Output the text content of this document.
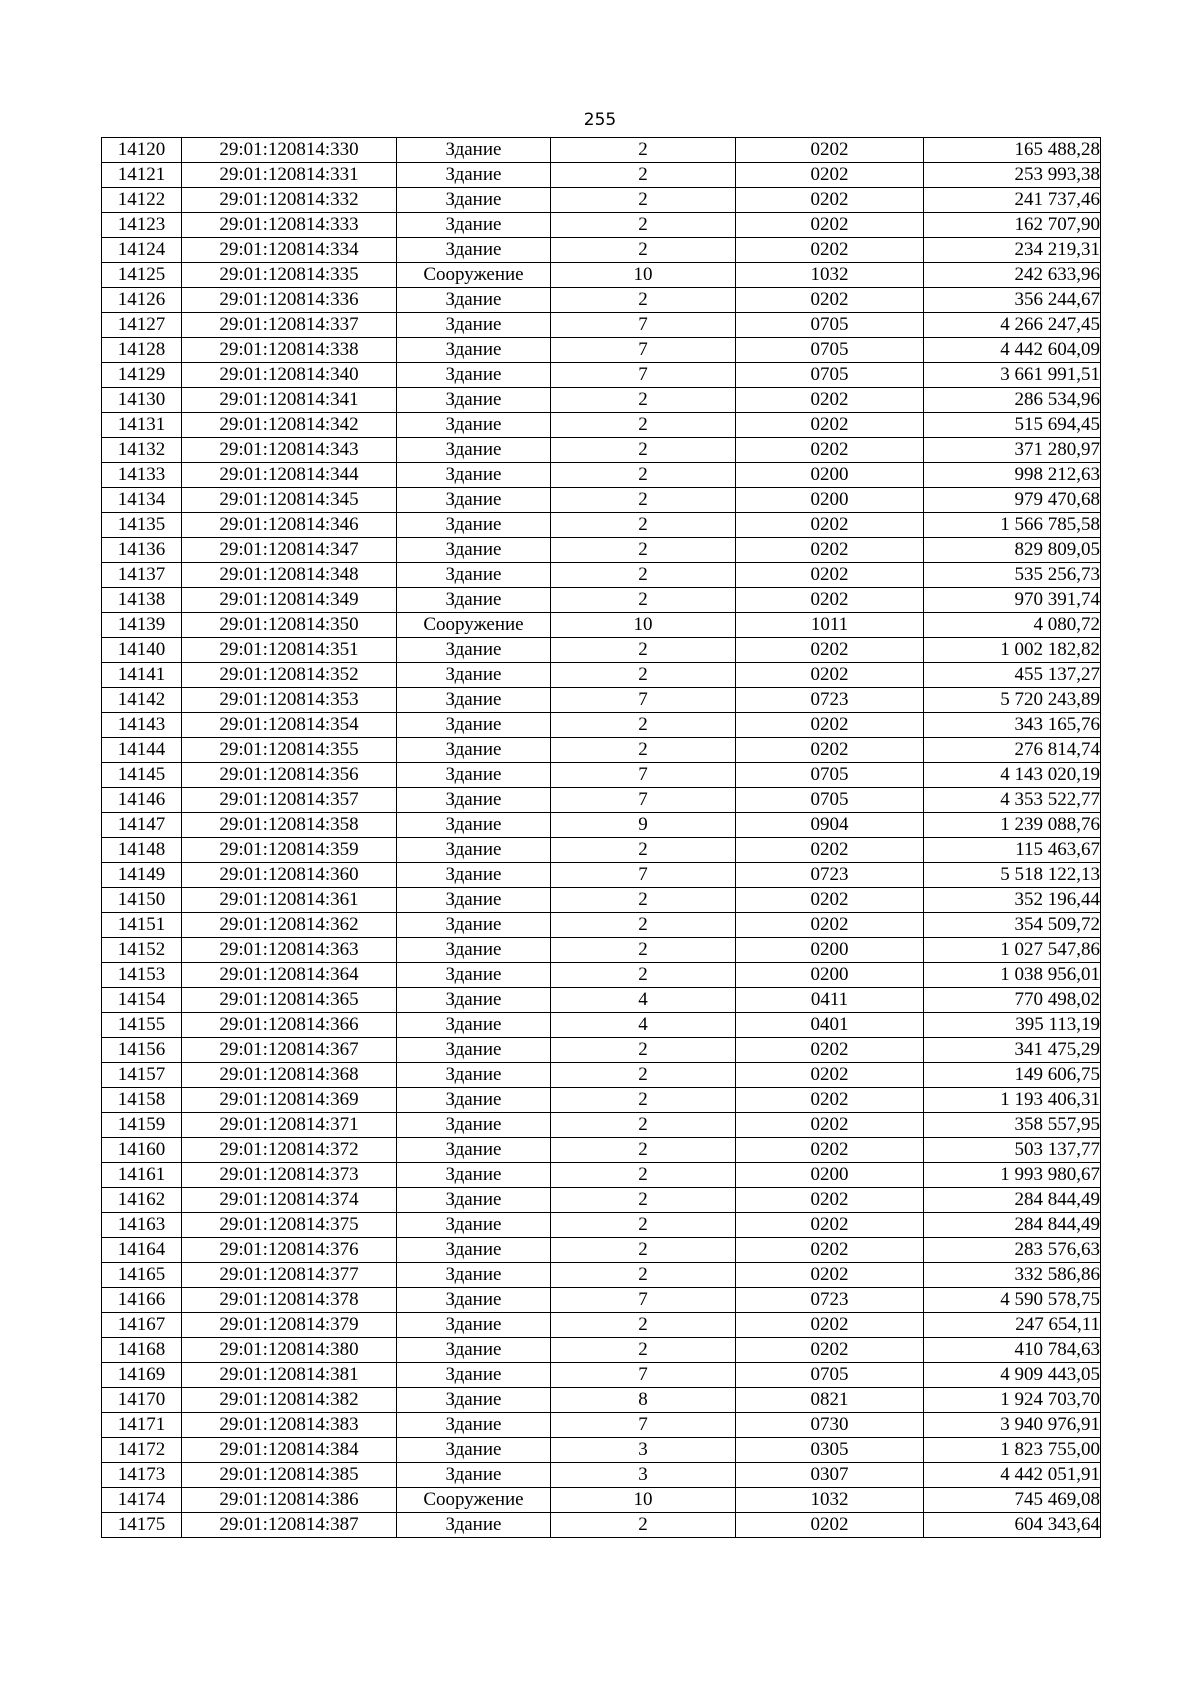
255
14120	29:01:120814:330	Здание	2	0202	165 488,28
14121	29:01:120814:331	Здание	2	0202	253 993,38
14122	29:01:120814:332	Здание	2	0202	241 737,46
14123	29:01:120814:333	Здание	2	0202	162 707,90
14124	29:01:120814:334	Здание	2	0202	234 219,31
14125	29:01:120814:335	Сооружение	10	1032	242 633,96
14126	29:01:120814:336	Здание	2	0202	356 244,67
14127	29:01:120814:337	Здание	7	0705	4 266 247,45
14128	29:01:120814:338	Здание	7	0705	4 442 604,09
14129	29:01:120814:340	Здание	7	0705	3 661 991,51
14130	29:01:120814:341	Здание	2	0202	286 534,96
14131	29:01:120814:342	Здание	2	0202	515 694,45
14132	29:01:120814:343	Здание	2	0202	371 280,97
14133	29:01:120814:344	Здание	2	0200	998 212,63
14134	29:01:120814:345	Здание	2	0200	979 470,68
14135	29:01:120814:346	Здание	2	0202	1 566 785,58
14136	29:01:120814:347	Здание	2	0202	829 809,05
14137	29:01:120814:348	Здание	2	0202	535 256,73
14138	29:01:120814:349	Здание	2	0202	970 391,74
14139	29:01:120814:350	Сооружение	10	1011	4 080,72
14140	29:01:120814:351	Здание	2	0202	1 002 182,82
14141	29:01:120814:352	Здание	2	0202	455 137,27
14142	29:01:120814:353	Здание	7	0723	5 720 243,89
14143	29:01:120814:354	Здание	2	0202	343 165,76
14144	29:01:120814:355	Здание	2	0202	276 814,74
14145	29:01:120814:356	Здание	7	0705	4 143 020,19
14146	29:01:120814:357	Здание	7	0705	4 353 522,77
14147	29:01:120814:358	Здание	9	0904	1 239 088,76
14148	29:01:120814:359	Здание	2	0202	115 463,67
14149	29:01:120814:360	Здание	7	0723	5 518 122,13
14150	29:01:120814:361	Здание	2	0202	352 196,44
14151	29:01:120814:362	Здание	2	0202	354 509,72
14152	29:01:120814:363	Здание	2	0200	1 027 547,86
14153	29:01:120814:364	Здание	2	0200	1 038 956,01
14154	29:01:120814:365	Здание	4	0411	770 498,02
14155	29:01:120814:366	Здание	4	0401	395 113,19
14156	29:01:120814:367	Здание	2	0202	341 475,29
14157	29:01:120814:368	Здание	2	0202	149 606,75
14158	29:01:120814:369	Здание	2	0202	1 193 406,31
14159	29:01:120814:371	Здание	2	0202	358 557,95
14160	29:01:120814:372	Здание	2	0202	503 137,77
14161	29:01:120814:373	Здание	2	0200	1 993 980,67
14162	29:01:120814:374	Здание	2	0202	284 844,49
14163	29:01:120814:375	Здание	2	0202	284 844,49
14164	29:01:120814:376	Здание	2	0202	283 576,63
14165	29:01:120814:377	Здание	2	0202	332 586,86
14166	29:01:120814:378	Здание	7	0723	4 590 578,75
14167	29:01:120814:379	Здание	2	0202	247 654,11
14168	29:01:120814:380	Здание	2	0202	410 784,63
14169	29:01:120814:381	Здание	7	0705	4 909 443,05
14170	29:01:120814:382	Здание	8	0821	1 924 703,70
14171	29:01:120814:383	Здание	7	0730	3 940 976,91
14172	29:01:120814:384	Здание	3	0305	1 823 755,00
14173	29:01:120814:385	Здание	3	0307	4 442 051,91
14174	29:01:120814:386	Сооружение	10	1032	745 469,08
14175	29:01:120814:387	Здание	2	0202	604 343,64
